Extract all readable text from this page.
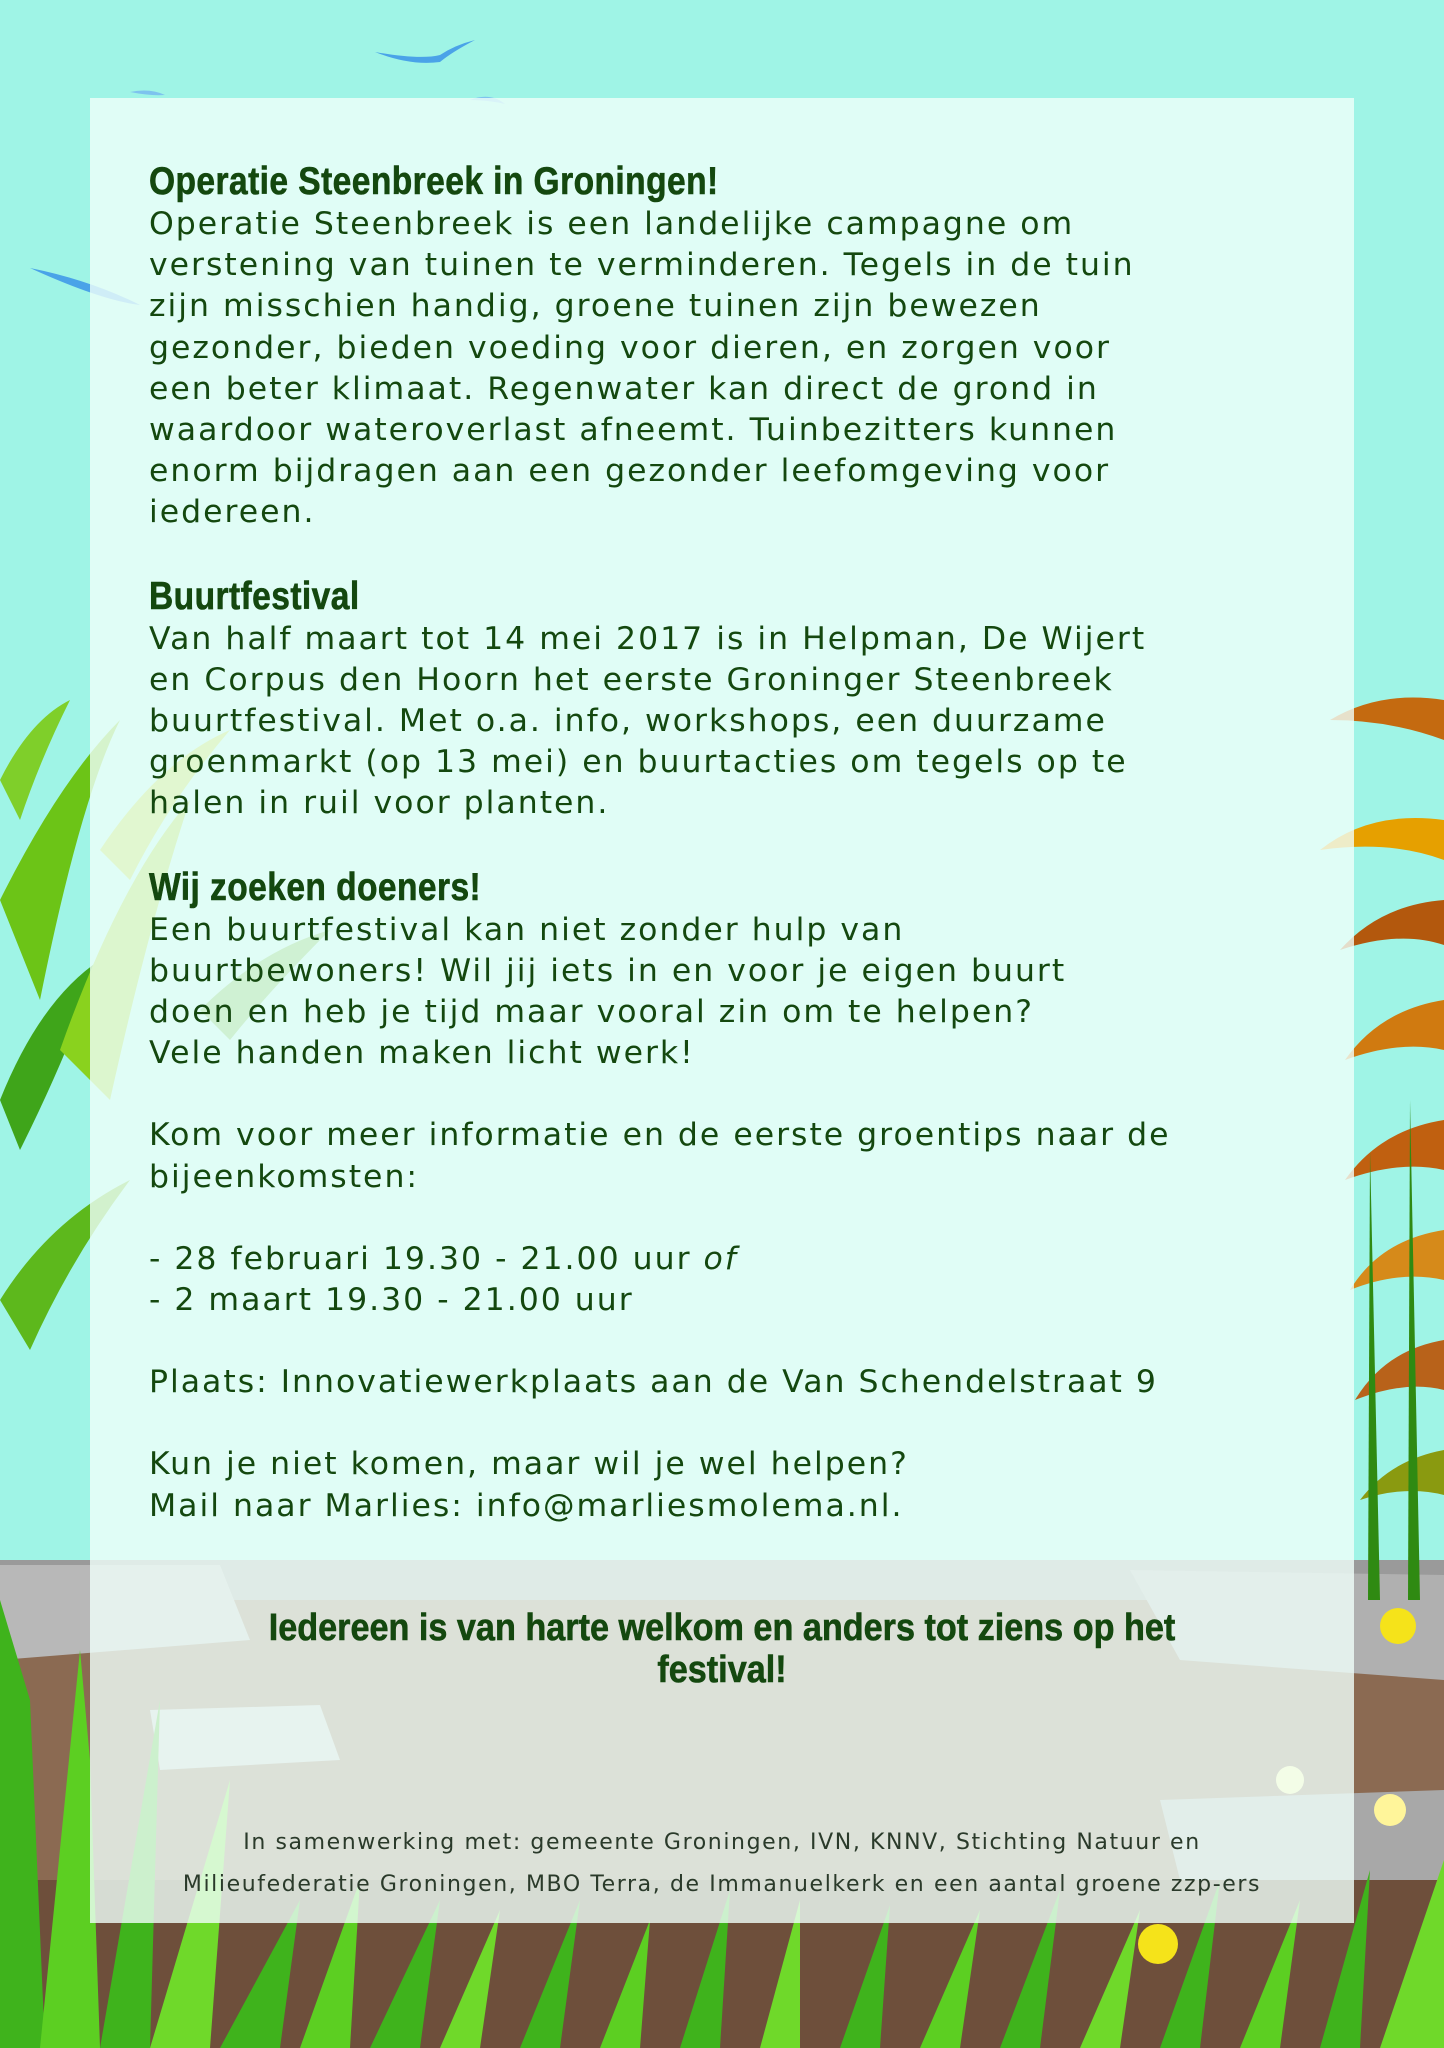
Operatie Steenbreek in Groningen!

Operatie Steenbreek is een landelijke campagne om

verstening van tuinen te verminderen. Tegels in de tuin

zijn misschien handig, groene tuinen zijn bewezen

gezonder, bieden voeding voor dieren, en zorgen voor

een beter klimaat. Regenwater kan direct de grond in

waardoor wateroverlast afneemt. Tuinbezitters kunnen

enorm bijdragen aan een gezonder leefomgeving voor

iedereen.

Buurtfestival

Van half maart tot 14 mei 2017 is in Helpman, De Wijert

en Corpus den Hoorn het eerste Groninger Steenbreek

buurtfestival. Met o.a. info, workshops, een duurzame

groenmarkt (op 13 mei) en buurtacties om tegels op te

halen in ruil voor planten.

Wij zoeken doeners!

Een buurtfestival kan niet zonder hulp van

buurtbewoners! Wil jij iets in en voor je eigen buurt

doen en heb je tijd maar vooral zin om te helpen?

Vele handen maken licht werk!

Kom voor meer informatie en de eerste groentips naar de

bijeenkomsten:

- 28 februari 19.30 - 21.00 uur of

- 2 maart 19.30 - 21.00 uur

Plaats: Innovatiewerkplaats aan de Van Schendelstraat 9

Kun je niet komen, maar wil je wel helpen?

Mail naar Marlies: info@marliesmolema.nl.

Iedereen is van harte welkom en anders tot ziens op het
festival!
In samenwerking met: gemeente Groningen, IVN, KNNV, Stichting Natuur en
Milieufederatie Groningen, MBO Terra, de Immanuelkerk en een aantal groene zzp-ers
